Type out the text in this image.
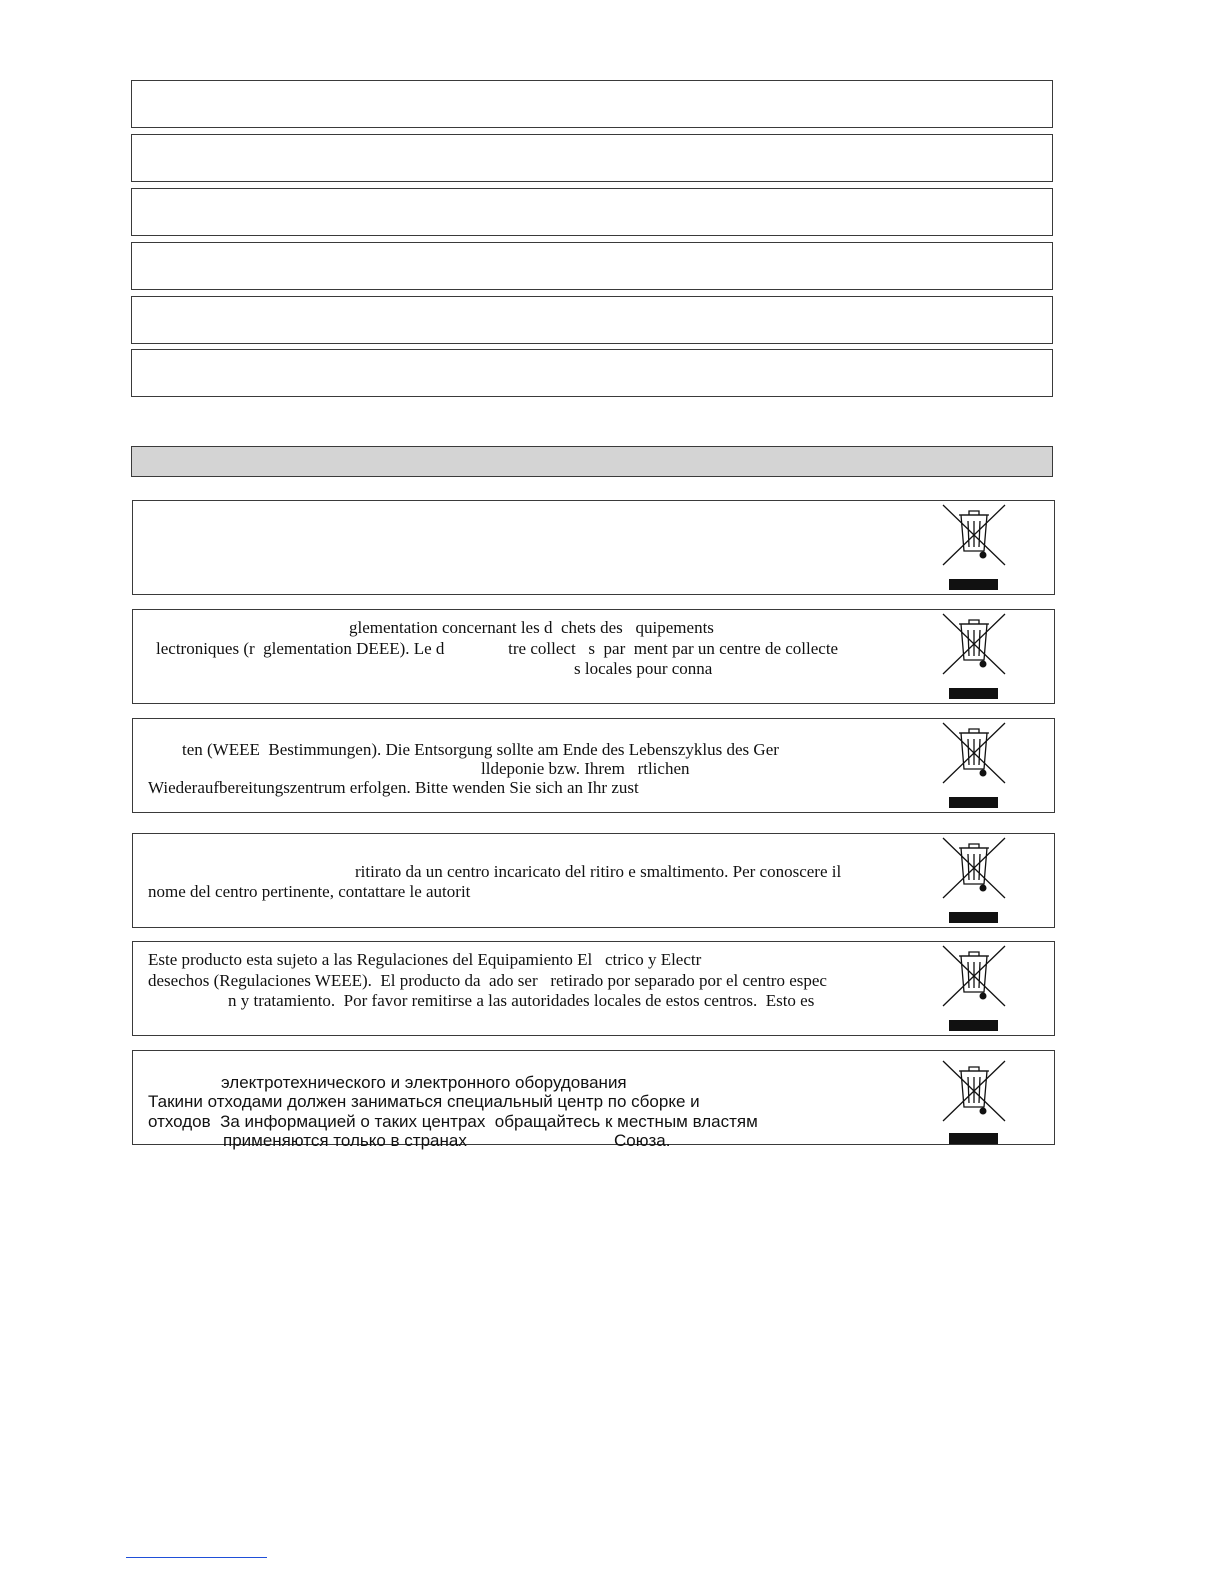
glementation concernant les d  chets des   quipements
lectroniques (r  glementation DEEE). Le d               tre collect   s  par  ment par un centre de collecte
s locales pour conna
ten (WEEE  Bestimmungen). Die Entsorgung sollte am Ende des Lebenszyklus des Ger
lldeponie bzw. Ihrem   rtlichen
Wiederaufbereitungszentrum erfolgen. Bitte wenden Sie sich an Ihr zust
ritirato da un centro incaricato del ritiro e smaltimento. Per conoscere il
nome del centro pertinente, contattare le autorit
Este producto esta sujeto a las Regulaciones del Equipamiento El   ctrico y Electr
desechos (Regulaciones WEEE).  El producto da  ado ser   retirado por separado por el centro espec
n y tratamiento.  Por favor remitirse a las autoridades locales de estos centros.  Esto es
электротехнического и электронного оборудования
Такини отходами должен заниматься специальный центр по сборке и
отходов  За информацией о таких центрах  обращайтесь к местным властям
применяются только в странах	Союза.
